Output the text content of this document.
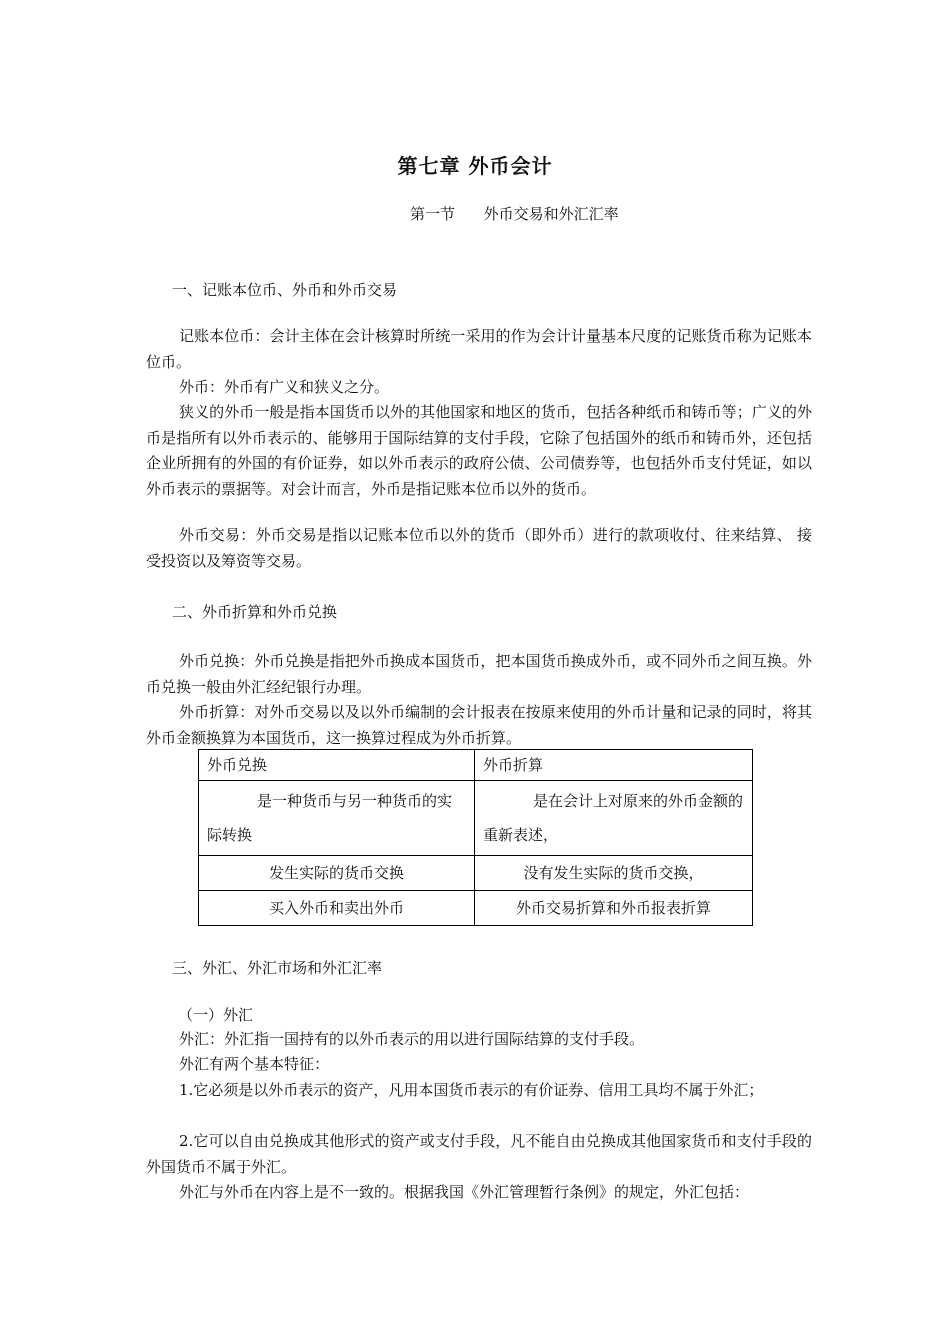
第七章 外币会计
第一节      外币交易和外汇汇率
一、记账本位币、外币和外币交易

记账本位币：会计主体在会计核算时所统一采用的作为会计计量基本尺度的记账货币称为记账本位币。

外币：外币有广义和狭义之分。

狭义的外币一般是指本国货币以外的其他国家和地区的货币，包括各种纸币和铸币等；广义的外币是指所有以外币表示的、能够用于国际结算的支付手段，它除了包括国外的纸币和铸币外，还包括企业所拥有的外国的有价证券，如以外币表示的政府公债、公司债券等，也包括外币支付凭证，如以外币表示的票据等。对会计而言，外币是指记账本位币以外的货币。

外币交易：外币交易是指以记账本位币以外的货币（即外币）进行的款项收付、往来结算、 接受投资以及筹资等交易。

二、外币折算和外币兑换

外币兑换：外币兑换是指把外币换成本国货币，把本国货币换成外币，或不同外币之间互换。外币兑换一般由外汇经纪银行办理。

外币折算：对外币交易以及以外币编制的会计报表在按原来使用的外币计量和记录的同时，将其外币金额换算为本国货币，这一换算过程成为外币折算。

外币兑换	外币折算
是一种货币与另一种货币的实际转换	是在会计上对原来的外币金额的重新表述，
发生实际的货币交换	没有发生实际的货币交换，
买入外币和卖出外币	外币交易折算和外币报表折算
三、外汇、外汇市场和外汇汇率
（一）外汇

外汇：外汇指一国持有的以外币表示的用以进行国际结算的支付手段。

外汇有两个基本特征：

1.它必须是以外币表示的资产，凡用本国货币表示的有价证券、信用工具均不属于外汇；

2.它可以自由兑换成其他形式的资产或支付手段，凡不能自由兑换成其他国家货币和支付手段的外国货币不属于外汇。

外汇与外币在内容上是不一致的。根据我国《外汇管理暂行条例》的规定，外汇包括：
